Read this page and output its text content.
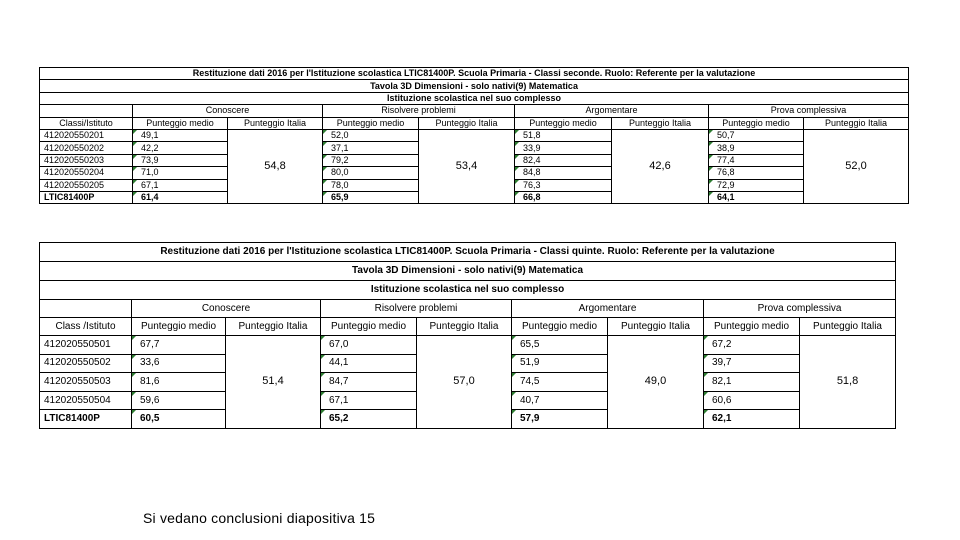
Restituzione dati 2016 per l'Istituzione scolastica LTIC81400P. Scuola Primaria - Classi seconde. Ruolo: Referente per la valutazione								
Tavola 3D Dimensioni - solo nativi(9) Matematica								
Istituzione scolastica nel suo complesso								
	Conoscere		Risolvere problemi		Argomentare		Prova complessiva	
Classi/Istituto	Punteggio medio	Punteggio Italia	Punteggio medio	Punteggio Italia	Punteggio medio	Punteggio Italia	Punteggio medio	Punteggio Italia
412020550201	49,1	54,8	52,0	53,4	51,8	42,6	50,7	52,0
412020550202	42,2		37,1		33,9		38,9	
412020550203	73,9		79,2		82,4		77,4	
412020550204	71,0		80,0		84,8		76,8	
412020550205	67,1		78,0		76,3		72,9	
LTIC81400P	61,4		65,9		66,8		64,1	
Restituzione dati 2016 per l'Istituzione scolastica LTIC81400P. Scuola Primaria - Classi quinte. Ruolo: Referente per la valutazione								
Tavola 3D Dimensioni - solo nativi(9) Matematica								
Istituzione scolastica nel suo complesso								
	Conoscere		Risolvere problemi		Argomentare		Prova complessiva	
Class /Istituto	Punteggio medio	Punteggio Italia	Punteggio medio	Punteggio Italia	Punteggio medio	Punteggio Italia	Punteggio medio	Punteggio Italia
412020550501	67,7	51,4	67,0	57,0	65,5	49,0	67,2	51,8
412020550502	33,6		44,1		51,9		39,7	
412020550503	81,6		84,7		74,5		82,1	
412020550504	59,6		67,1		40,7		60,6	
LTIC81400P	60,5		65,2		57,9		62,1	
Si vedano conclusioni diapositiva 15
